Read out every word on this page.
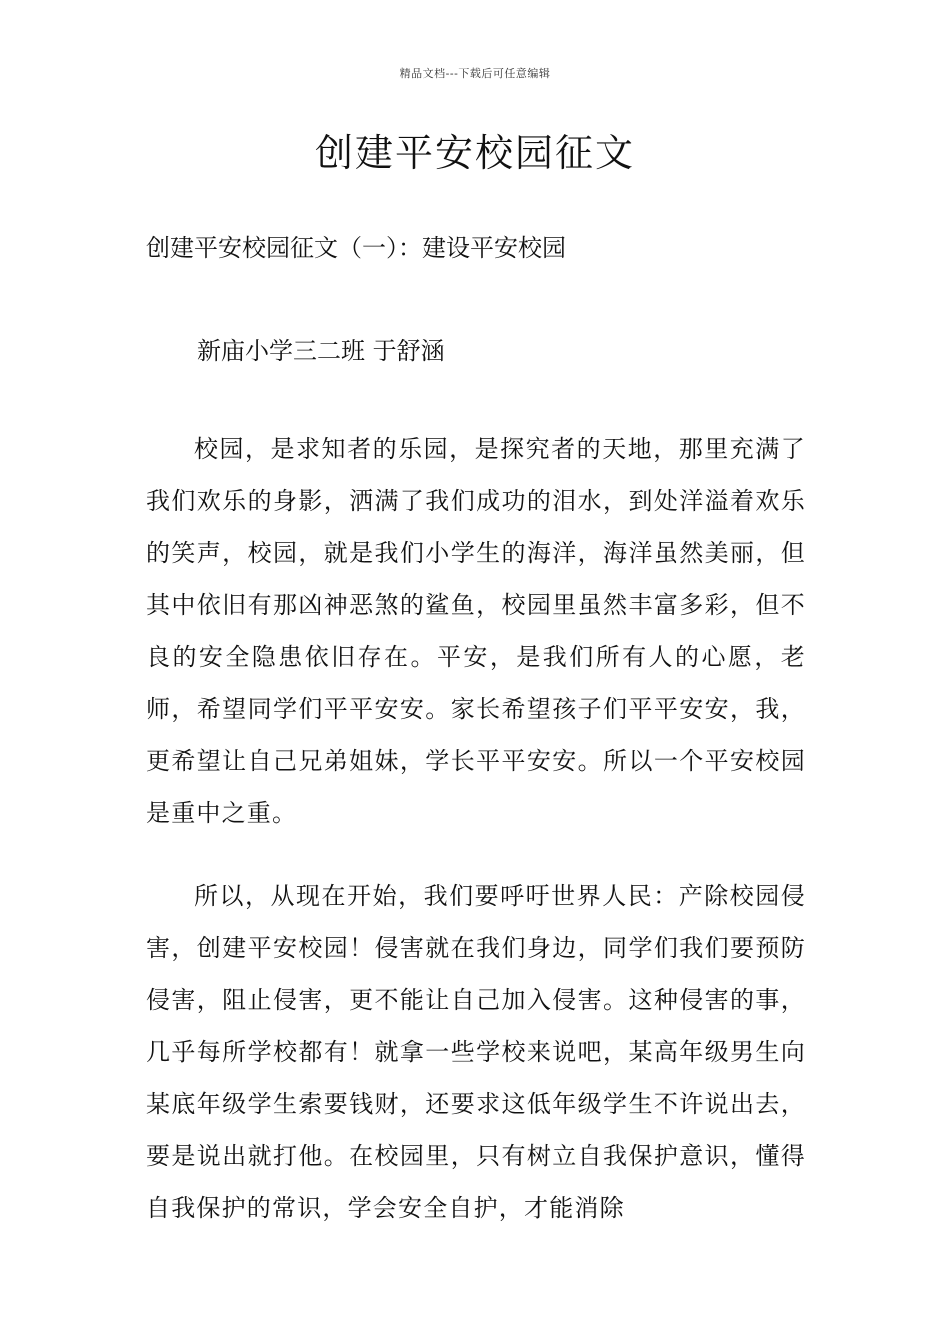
精品文档---下载后可任意编辑
创建平安校园征文

创建平安校园征文（一）：建设平安校园

新庙小学三二班 于舒涵

校园，是求知者的乐园，是探究者的天地，那里充满了我们欢乐的身影，洒满了我们成功的泪水，到处洋溢着欢乐的笑声，校园，就是我们小学生的海洋，海洋虽然美丽，但其中依旧有那凶神恶煞的鲨鱼，校园里虽然丰富多彩，但不良的安全隐患依旧存在。平安，是我们所有人的心愿，老师，希望同学们平平安安。家长希望孩子们平平安安，我，更希望让自己兄弟姐妹，学长平平安安。所以一个平安校园是重中之重。

所以，从现在开始，我们要呼吁世界人民：产除校园侵害，创建平安校园！侵害就在我们身边，同学们我们要预防侵害，阻止侵害，更不能让自己加入侵害。这种侵害的事，几乎每所学校都有！就拿一些学校来说吧，某高年级男生向某底年级学生索要钱财，还要求这低年级学生不许说出去，要是说出就打他。在校园里，只有树立自我保护意识，懂得自我保护的常识，学会安全自护，才能消除
